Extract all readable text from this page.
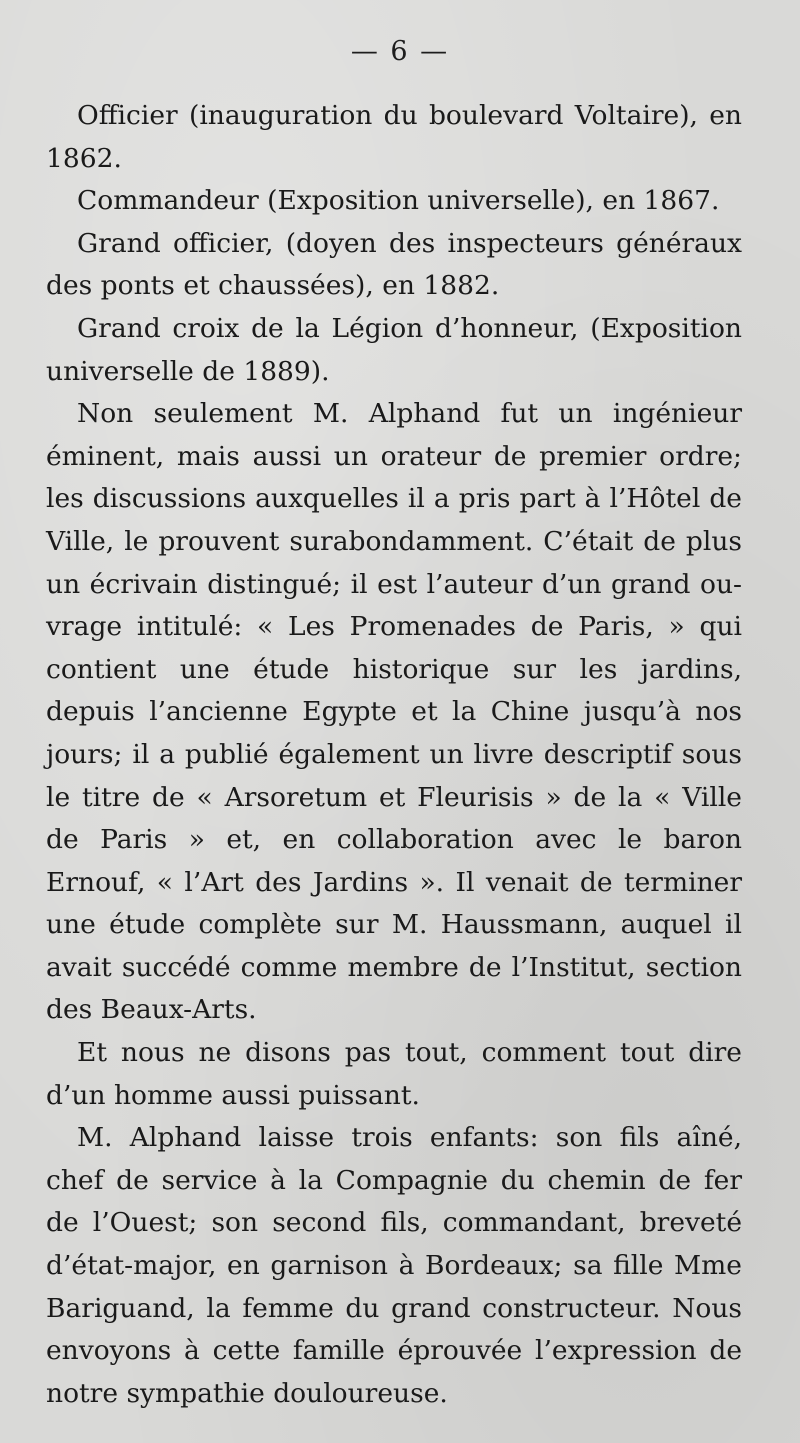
— 6 —

Officier (inauguration du boulevard Voltaire), en 1862.

Commandeur (Exposition universelle), en 1867.

Grand officier, (doyen des inspecteurs généraux des ponts et chaussées), en 1882.

Grand croix de la Légion d’honneur, (Exposition universelle de 1889).

Non seulement M. Alphand fut un ingénieur éminent, mais aussi un orateur de premier ordre; les discussions auxquelles il a pris part à l’Hôtel de Ville, le prouvent surabondamment. C’était de plus un écrivain distingué; il est l’auteur d’un grand ouvrage intitulé: « Les Promenades de Paris, » qui contient une étude historique sur les jardins, depuis l’ancienne Egypte et la Chine jusqu’à nos jours; il a publié également un livre descriptif sous le titre de « Arsoretum et Fleurisis » de la « Ville de Paris » et, en collaboration avec le baron Ernouf, « l’Art des Jardins ». Il venait de terminer une étude complète sur M. Haussmann, auquel il avait succédé comme membre de l’Institut, section des Beaux-Arts.

Et nous ne disons pas tout, comment tout dire d’un homme aussi puissant.

M. Alphand laisse trois enfants: son fils aîné, chef de service à la Compagnie du chemin de fer de l’Ouest; son second fils, commandant, breveté d’état-major, en garnison à Bordeaux; sa fille Mme Bariguand, la femme du grand constructeur. Nous envoyons à cette famille éprouvée l’expression de notre sympathie douloureuse.
